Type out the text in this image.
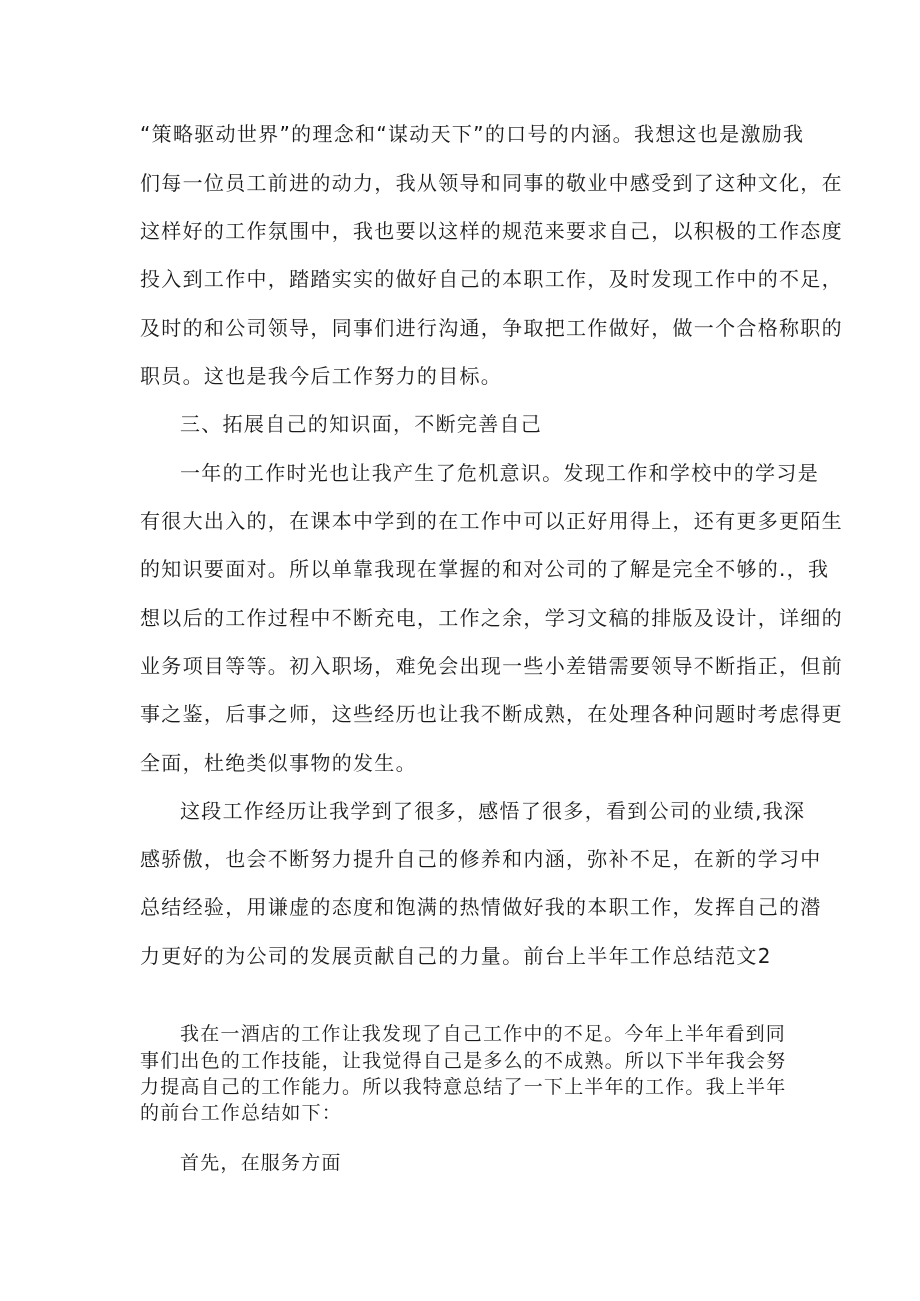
“策略驱动世界”的理念和“谋动天下”的口号的内涵。我想这也是激励我
们每一位员工前进的动力，我从领导和同事的敬业中感受到了这种文化，在
这样好的工作氛围中，我也要以这样的规范来要求自己，以积极的工作态度
投入到工作中，踏踏实实的做好自己的本职工作，及时发现工作中的不足，
及时的和公司领导，同事们进行沟通，争取把工作做好，做一个合格称职的
职员。这也是我今后工作努力的目标。
三、拓展自己的知识面，不断完善自己
一年的工作时光也让我产生了危机意识。发现工作和学校中的学习是
有很大出入的，在课本中学到的在工作中可以正好用得上，还有更多更陌生
的知识要面对。所以单靠我现在掌握的和对公司的了解是完全不够的.，我
想以后的工作过程中不断充电，工作之余，学习文稿的排版及设计，详细的
业务项目等等。初入职场，难免会出现一些小差错需要领导不断指正，但前
事之鉴，后事之师，这些经历也让我不断成熟，在处理各种问题时考虑得更
全面，杜绝类似事物的发生。
这段工作经历让我学到了很多，感悟了很多，看到公司的业绩,我深
感骄傲，也会不断努力提升自己的修养和内涵，弥补不足，在新的学习中
总结经验，用谦虚的态度和饱满的热情做好我的本职工作，发挥自己的潜
力更好的为公司的发展贡献自己的力量。前台上半年工作总结范文2
我在一酒店的工作让我发现了自己工作中的不足。今年上半年看到同
事们出色的工作技能，让我觉得自己是多么的不成熟。所以下半年我会努
力提高自己的工作能力。所以我特意总结了一下上半年的工作。我上半年
的前台工作总结如下：
首先，在服务方面
